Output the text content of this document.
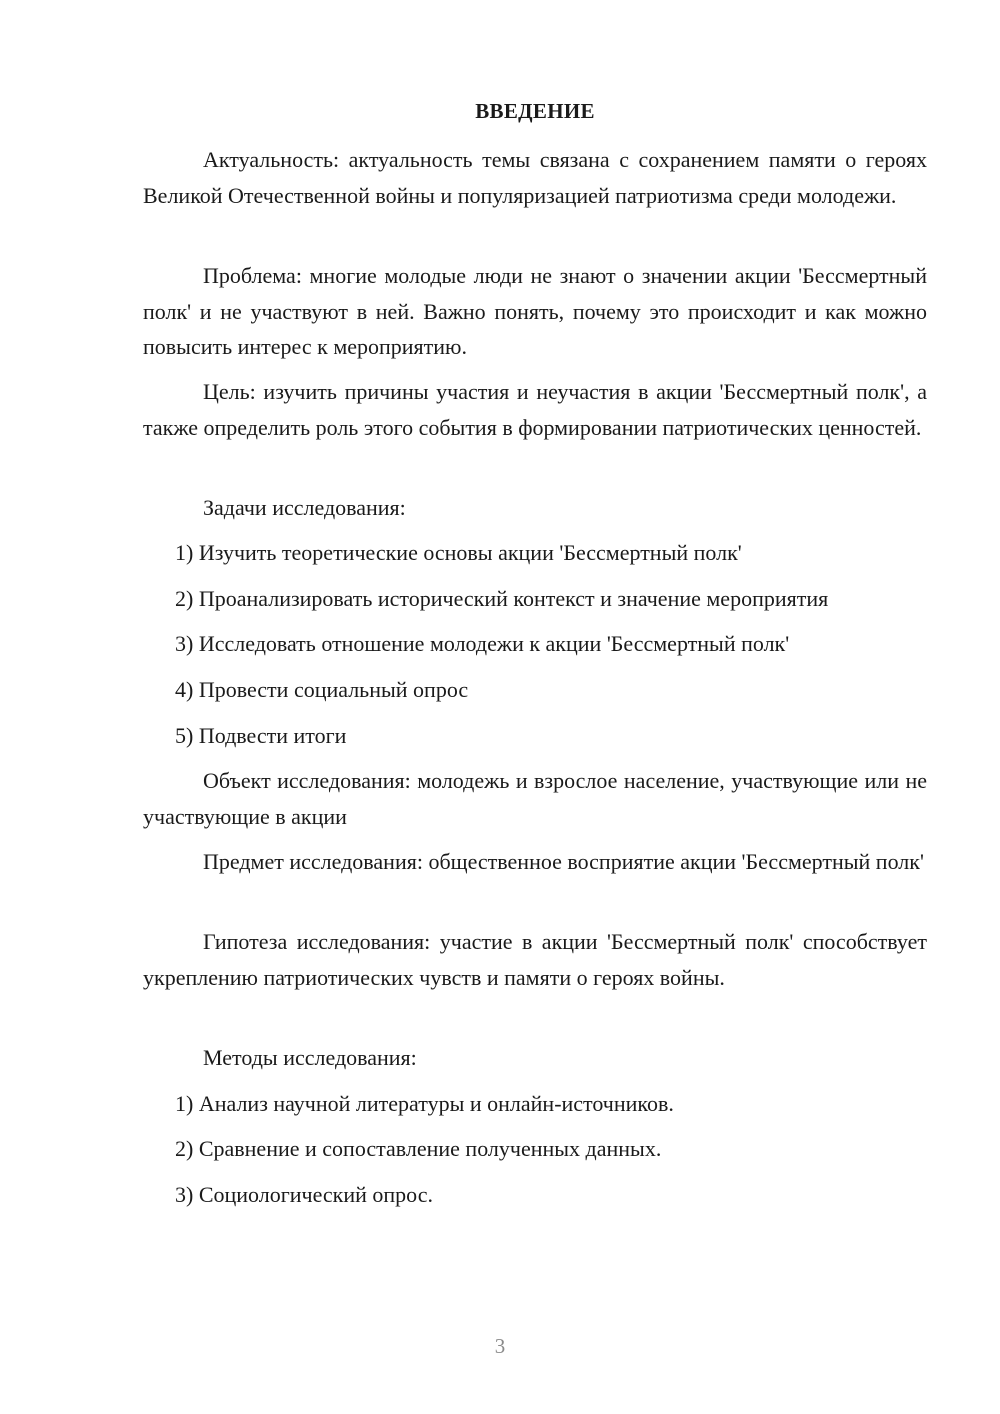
ВВЕДЕНИЕ

Актуальность: актуальность темы связана с сохранением памяти о героях Великой Отечественной войны и популяризацией патриотизма среди молодежи.

Проблема: многие молодые люди не знают о значении акции 'Бессмертный полк' и не участвуют в ней. Важно понять, почему это происходит и как можно повысить интерес к мероприятию.

Цель: изучить причины участия и неучастия в акции 'Бессмертный полк', а также определить роль этого события в формировании патриотических ценностей.

Задачи исследования:

1) Изучить теоретические основы акции 'Бессмертный полк'

2) Проанализировать исторический контекст и значение мероприятия

3) Исследовать отношение молодежи к акции 'Бессмертный полк'

4) Провести социальный опрос

5) Подвести итоги

Объект исследования: молодежь и взрослое население, участвующие или не участвующие в акции

Предмет исследования: общественное восприятие акции 'Бессмертный полк'

Гипотеза исследования: участие в акции 'Бессмертный полк' способствует укреплению патриотических чувств и памяти о героях войны.

Методы исследования:

1) Анализ научной литературы и онлайн-источников.

2) Сравнение и сопоставление полученных данных.

3) Социологический опрос.

3
